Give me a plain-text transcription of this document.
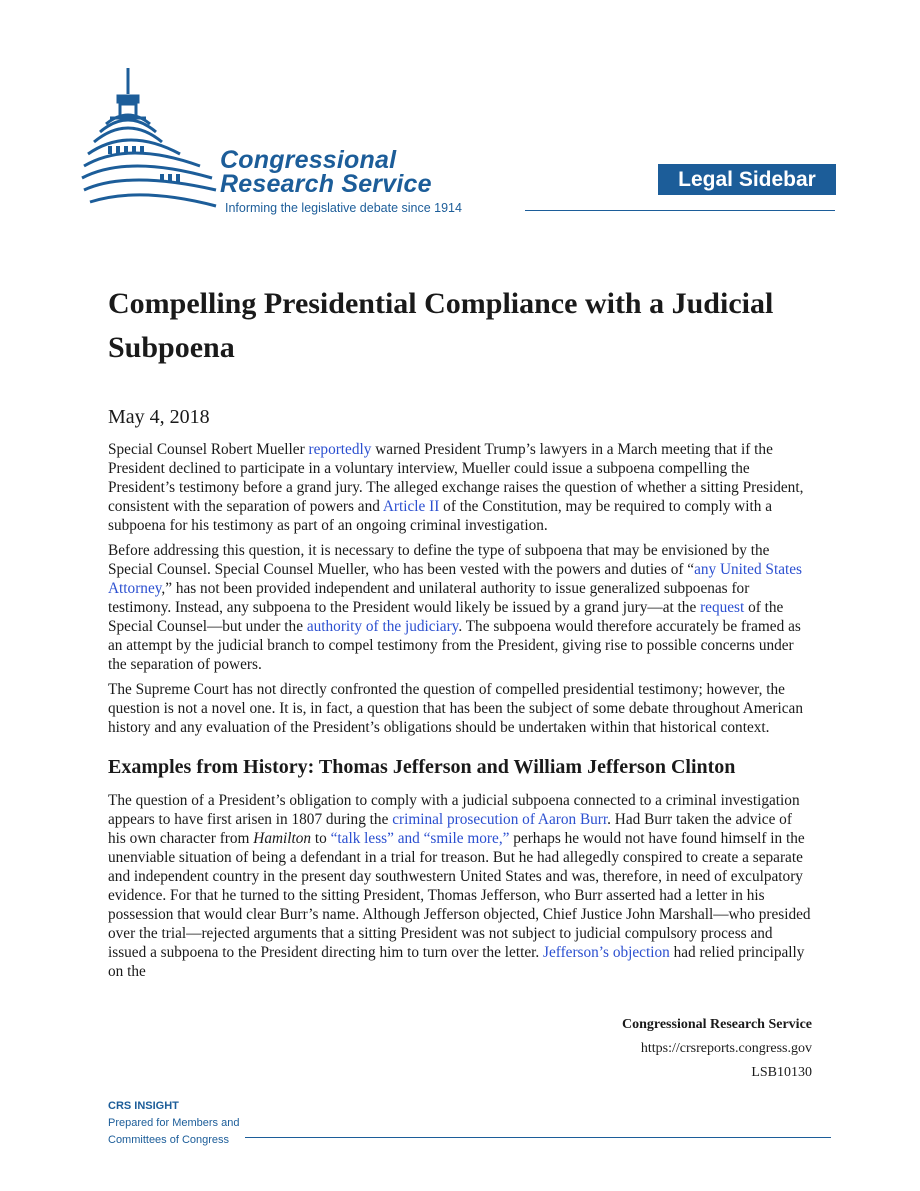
Congressional
Research Service
Informing the legislative debate since 1914
Legal Sidebar
Compelling Presidential Compliance with a Judicial Subpoena
May 4, 2018

Special Counsel Robert Mueller reportedly warned President Trump’s lawyers in a March meeting that if the President declined to participate in a voluntary interview, Mueller could issue a subpoena compelling the President’s testimony before a grand jury. The alleged exchange raises the question of whether a sitting President, consistent with the separation of powers and Article II of the Constitution, may be required to comply with a subpoena for his testimony as part of an ongoing criminal investigation.

Before addressing this question, it is necessary to define the type of subpoena that may be envisioned by the Special Counsel. Special Counsel Mueller, who has been vested with the powers and duties of “any United States Attorney,” has not been provided independent and unilateral authority to issue generalized subpoenas for testimony. Instead, any subpoena to the President would likely be issued by a grand jury—at the request of the Special Counsel—but under the authority of the judiciary. The subpoena would therefore accurately be framed as an attempt by the judicial branch to compel testimony from the President, giving rise to possible concerns under the separation of powers.

The Supreme Court has not directly confronted the question of compelled presidential testimony; however, the question is not a novel one. It is, in fact, a question that has been the subject of some debate throughout American history and any evaluation of the President’s obligations should be undertaken within that historical context.

Examples from History: Thomas Jefferson and William Jefferson Clinton

The question of a President’s obligation to comply with a judicial subpoena connected to a criminal investigation appears to have first arisen in 1807 during the criminal prosecution of Aaron Burr. Had Burr taken the advice of his own character from Hamilton to “talk less” and “smile more,” perhaps he would not have found himself in the unenviable situation of being a defendant in a trial for treason. But he had allegedly conspired to create a separate and independent country in the present day southwestern United States and was, therefore, in need of exculpatory evidence. For that he turned to the sitting President, Thomas Jefferson, who Burr asserted had a letter in his possession that would clear Burr’s name. Although Jefferson objected, Chief Justice John Marshall—who presided over the trial—rejected arguments that a sitting President was not subject to judicial compulsory process and issued a subpoena to the President directing him to turn over the letter. Jefferson’s objection had relied principally on the

Congressional Research Service
https://crsreports.congress.gov
LSB10130
CRS INSIGHT
Prepared for Members and
Committees of Congress
